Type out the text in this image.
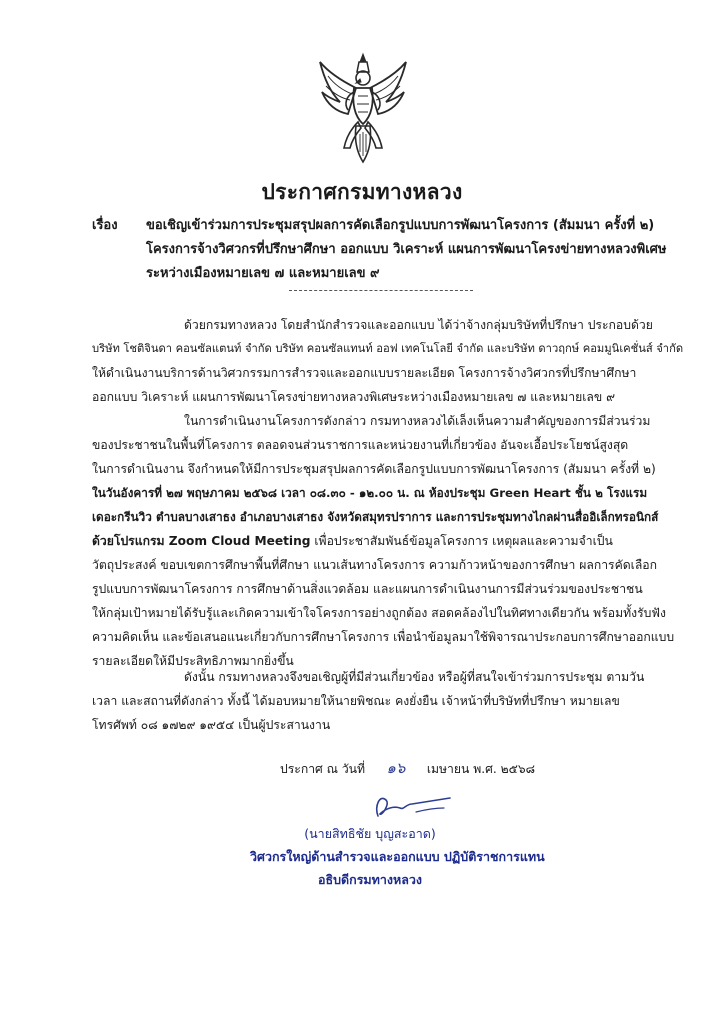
ประกาศกรมทางหลวง
เรื่อง ขอเชิญเข้าร่วมการประชุมสรุปผลการคัดเลือกรูปแบบการพัฒนาโครงการ (สัมมนา ครั้งที่ ๒)
โครงการจ้างวิศวกรที่ปรึกษาศึกษา ออกแบบ วิเคราะห์ แผนการพัฒนาโครงข่ายทางหลวงพิเศษ
ระหว่างเมืองหมายเลข ๗ และหมายเลข ๙
ด้วยกรมทางหลวง โดยสำนักสำรวจและออกแบบ ได้ว่าจ้างกลุ่มบริษัทที่ปรึกษา ประกอบด้วย
บริษัท โชติจินดา คอนซัลแตนท์ จำกัด บริษัท คอนซัลแทนท์ ออฟ เทคโนโลยี จำกัด และบริษัท ดาวฤกษ์ คอมมูนิเคชั่นส์ จำกัด
ให้ดำเนินงานบริการด้านวิศวกรรมการสำรวจและออกแบบรายละเอียด โครงการจ้างวิศวกรที่ปรึกษาศึกษา
ออกแบบ วิเคราะห์ แผนการพัฒนาโครงข่ายทางหลวงพิเศษระหว่างเมืองหมายเลข ๗ และหมายเลข ๙
ในการดำเนินงานโครงการดังกล่าว กรมทางหลวงได้เล็งเห็นความสำคัญของการมีส่วนร่วม
ของประชาชนในพื้นที่โครงการ ตลอดจนส่วนราชการและหน่วยงานที่เกี่ยวข้อง อันจะเอื้อประโยชน์สูงสุด
ในการดำเนินงาน จึงกำหนดให้มีการประชุมสรุปผลการคัดเลือกรูปแบบการพัฒนาโครงการ (สัมมนา ครั้งที่ ๒)
ในวันอังคารที่ ๒๗ พฤษภาคม ๒๕๖๘ เวลา ๐๘.๓๐ - ๑๒.๐๐ น. ณ ห้องประชุม Green Heart ชั้น ๒ โรงแรม
เดอะกรีนวิว ตำบลบางเสาธง อำเภอบางเสาธง จังหวัดสมุทรปราการ และการประชุมทางไกลผ่านสื่ออิเล็กทรอนิกส์
ด้วยโปรแกรม Zoom Cloud Meeting เพื่อประชาสัมพันธ์ข้อมูลโครงการ เหตุผลและความจำเป็น
วัตถุประสงค์ ขอบเขตการศึกษาพื้นที่ศึกษา แนวเส้นทางโครงการ ความก้าวหน้าของการศึกษา ผลการคัดเลือก
รูปแบบการพัฒนาโครงการ การศึกษาด้านสิ่งแวดล้อม และแผนการดำเนินงานการมีส่วนร่วมของประชาชน
ให้กลุ่มเป้าหมายได้รับรู้และเกิดความเข้าใจโครงการอย่างถูกต้อง สอดคล้องไปในทิศทางเดียวกัน พร้อมทั้งรับฟัง
ความคิดเห็น และข้อเสนอแนะเกี่ยวกับการศึกษาโครงการ เพื่อนำข้อมูลมาใช้พิจารณาประกอบการศึกษาออกแบบ
รายละเอียดให้มีประสิทธิภาพมากยิ่งขึ้น
ดังนั้น กรมทางหลวงจึงขอเชิญผู้ที่มีส่วนเกี่ยวข้อง หรือผู้ที่สนใจเข้าร่วมการประชุม ตามวัน
เวลา และสถานที่ดังกล่าว ทั้งนี้ ได้มอบหมายให้นายพิชณะ คงยั่งยืน เจ้าหน้าที่บริษัทที่ปรึกษา หมายเลข
โทรศัพท์ ๐๘ ๑๗๒๙ ๑๙๕๔ เป็นผู้ประสานงาน
ประกาศ ณ วันที่ ๑๖ เมษายน พ.ศ. ๒๕๖๘
(นายสิทธิชัย บุญสะอาด)
วิศวกรใหญ่ด้านสำรวจและออกแบบ ปฏิบัติราชการแทน
อธิบดีกรมทางหลวง
